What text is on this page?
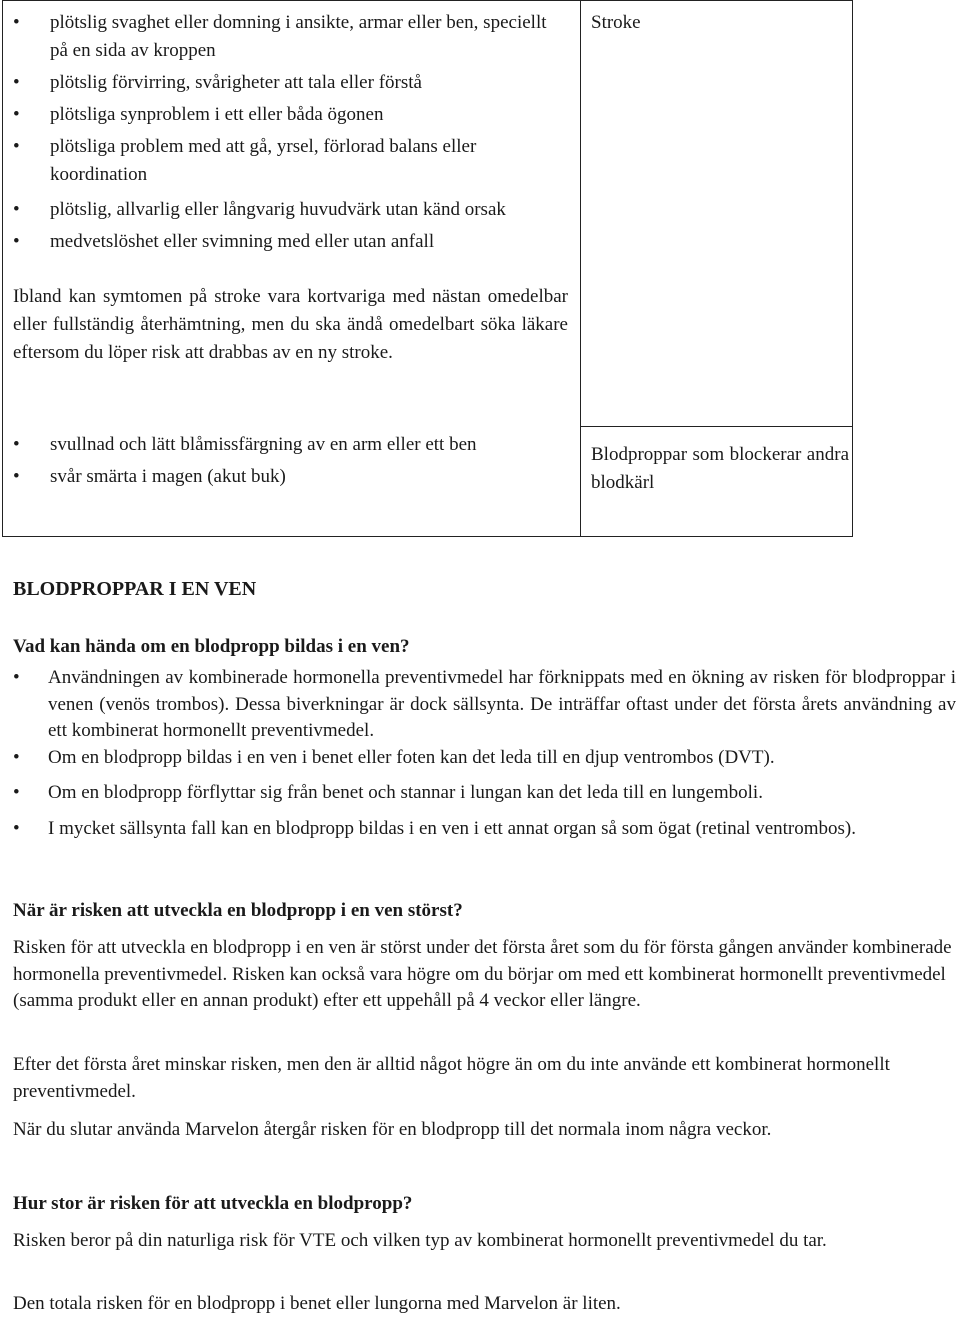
• plötslig svaghet eller domning i ansikte, armar eller ben, speciellt på en sida av kroppen
• plötslig förvirring, svårigheter att tala eller förstå
• plötsliga synproblem i ett eller båda ögonen
• plötsliga problem med att gå, yrsel, förlorad balans eller koordination
• plötslig, allvarlig eller långvarig huvudvärk utan känd orsak
• medvetslöshet eller svimning med eller utan anfall

Ibland kan symtomen på stroke vara kortvariga med nästan omedelbar eller fullständig återhämtning, men du ska ändå omedelbart söka läkare eftersom du löper risk att drabbas av en ny stroke.

• svullnad och lätt blåmissfärgning av en arm eller ett ben
• svår smärta i magen (akut buk)
Stroke
Blodproppar som blockerar andra blodkärl
BLODPROPPAR I EN VEN
Vad kan hända om en blodpropp bildas i en ven?
• Användningen av kombinerade hormonella preventivmedel har förknippats med en ökning av risken för blodproppar i venen (venös trombos). Dessa biverkningar är dock sällsynta. De inträffar oftast under det första årets användning av ett kombinerat hormonellt preventivmedel.
• Om en blodpropp bildas i en ven i benet eller foten kan det leda till en djup ventrombos (DVT).
• Om en blodpropp förflyttar sig från benet och stannar i lungan kan det leda till en lungemboli.
• I mycket sällsynta fall kan en blodpropp bildas i en ven i ett annat organ så som ögat (retinal ventrombos).
När är risken att utveckla en blodpropp i en ven störst?

Risken för att utveckla en blodpropp i en ven är störst under det första året som du för första gången använder kombinerade hormonella preventivmedel. Risken kan också vara högre om du börjar om med ett kombinerat hormonellt preventivmedel (samma produkt eller en annan produkt) efter ett uppehåll på 4 veckor eller längre.

Efter det första året minskar risken, men den är alltid något högre än om du inte använde ett kombinerat hormonellt preventivmedel.

När du slutar använda Marvelon återgår risken för en blodpropp till det normala inom några veckor.

Hur stor är risken för att utveckla en blodpropp?

Risken beror på din naturliga risk för VTE och vilken typ av kombinerat hormonellt preventivmedel du tar.

Den totala risken för en blodpropp i benet eller lungorna med Marvelon är liten.
